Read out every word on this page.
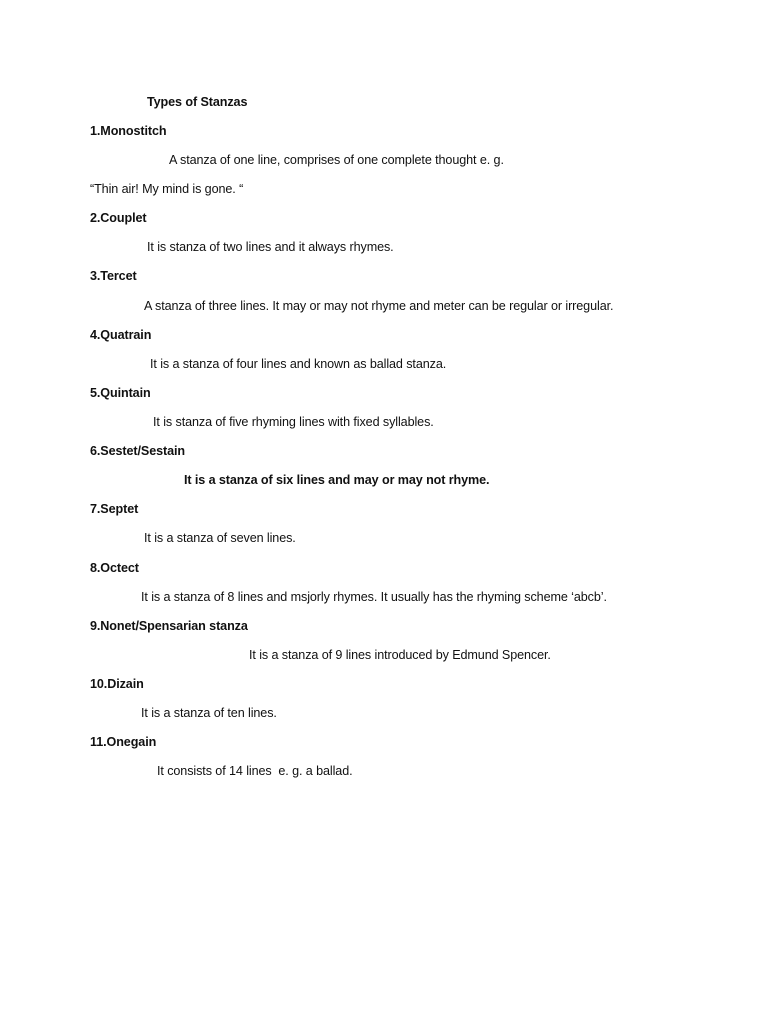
Types of Stanzas
1.Monostitch
A stanza of one line, comprises of one complete thought e. g.
“Thin air! My mind is gone. “
2.Couplet
It is stanza of two lines and it always rhymes.
3.Tercet
A stanza of three lines. It may or may not rhyme and meter can be regular or irregular.
4.Quatrain
It is a stanza of four lines and known as ballad stanza.
5.Quintain
It is stanza of five rhyming lines with fixed syllables.
6.Sestet/Sestain
It is a stanza of six lines and may or may not rhyme.
7.Septet
It is a stanza of seven lines.
8.Octect
It is a stanza of 8 lines and msjorly rhymes. It usually has the rhyming scheme ‘abcb’.
9.Nonet/Spensarian stanza
It is a stanza of 9 lines introduced by Edmund Spencer.
10.Dizain
It is a stanza of ten lines.
11.Onegain
It consists of 14 lines  e. g. a ballad.
